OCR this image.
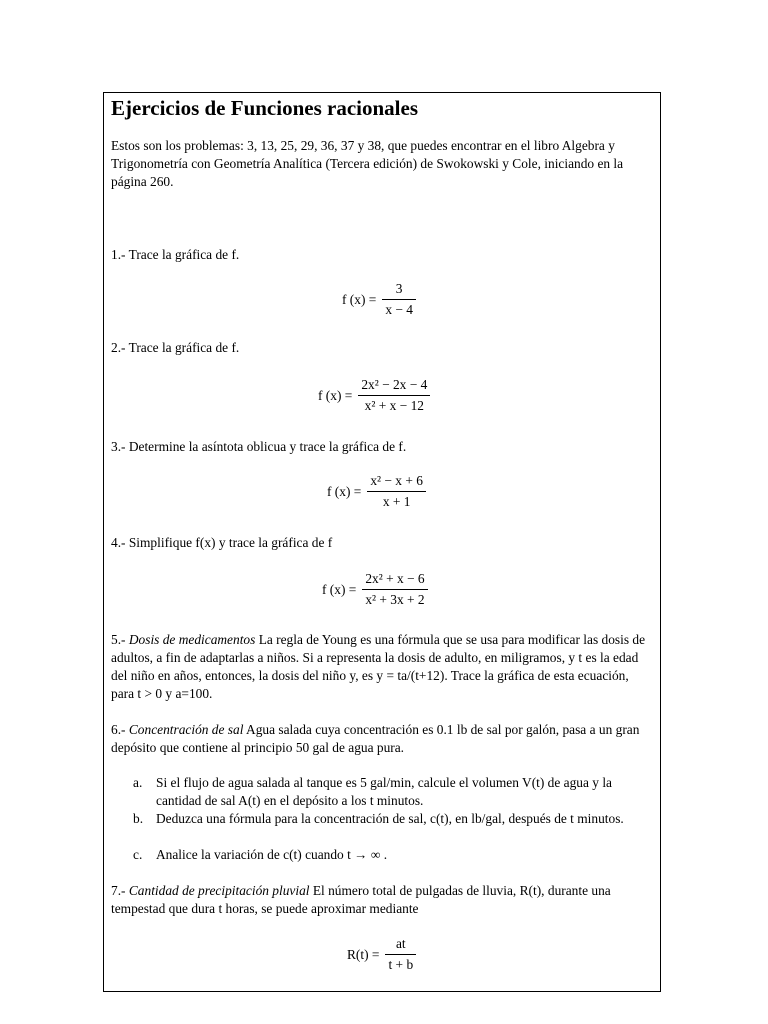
Ejercicios de Funciones racionales

Estos son los problemas: 3, 13, 25, 29, 36, 37 y 38, que puedes encontrar en el libro Algebra y Trigonometría con Geometría Analítica (Tercera edición) de Swokowski y Cole, iniciando en la página 260.

1.- Trace la gráfica de f.

f $(x) = \frac{3}{x - 4}$

2.- Trace la gráfica de f.

f $(x) = \frac{\text{2x² − 2x − 4}}{\text{x² + x − 12}}$

3.- Determine la asíntota oblicua y trace la gráfica de f.

f $(x) = \frac{\text{x² − x + 6}}{x + 1}$

4.- Simplifique f(x) y trace la gráfica de f

f $(x) = \frac{\text{2x² + x − 6}}{\text{x² + 3x + 2}}$

5.- Dosis de medicamentos La regla de Young es una fórmula que se usa para modificar las dosis de adultos, a fin de adaptarlas a niños. Si a representa la dosis de adulto, en miligramos, y t es la edad del niño en años, entonces, la dosis del niño y, es y = ta/(t+12). Trace la gráfica de esta ecuación, para t > 0 y a=100.

6.- Concentración de sal Agua salada cuya concentración es 0.1 lb de sal por galón, pasa a un gran depósito que contiene al principio 50 gal de agua pura.

a.	Si el flujo de agua salada al tanque es 5 gal/min, calcule el volumen V(t) de agua y la cantidad de sal A(t) en el depósito a los t minutos.
b. Deduzca una fórmula para la concentración de sal, c(t), en lb/gal, después de t minutos.
c.	Analice la variación de c(t) cuando t → ∞ .

7.- Cantidad de precipitación pluvial El número total de pulgadas de lluvia, R(t), durante una tempestad que dura t horas, se puede aproximar mediante

$R(t) = \frac{at}{t + b}$
